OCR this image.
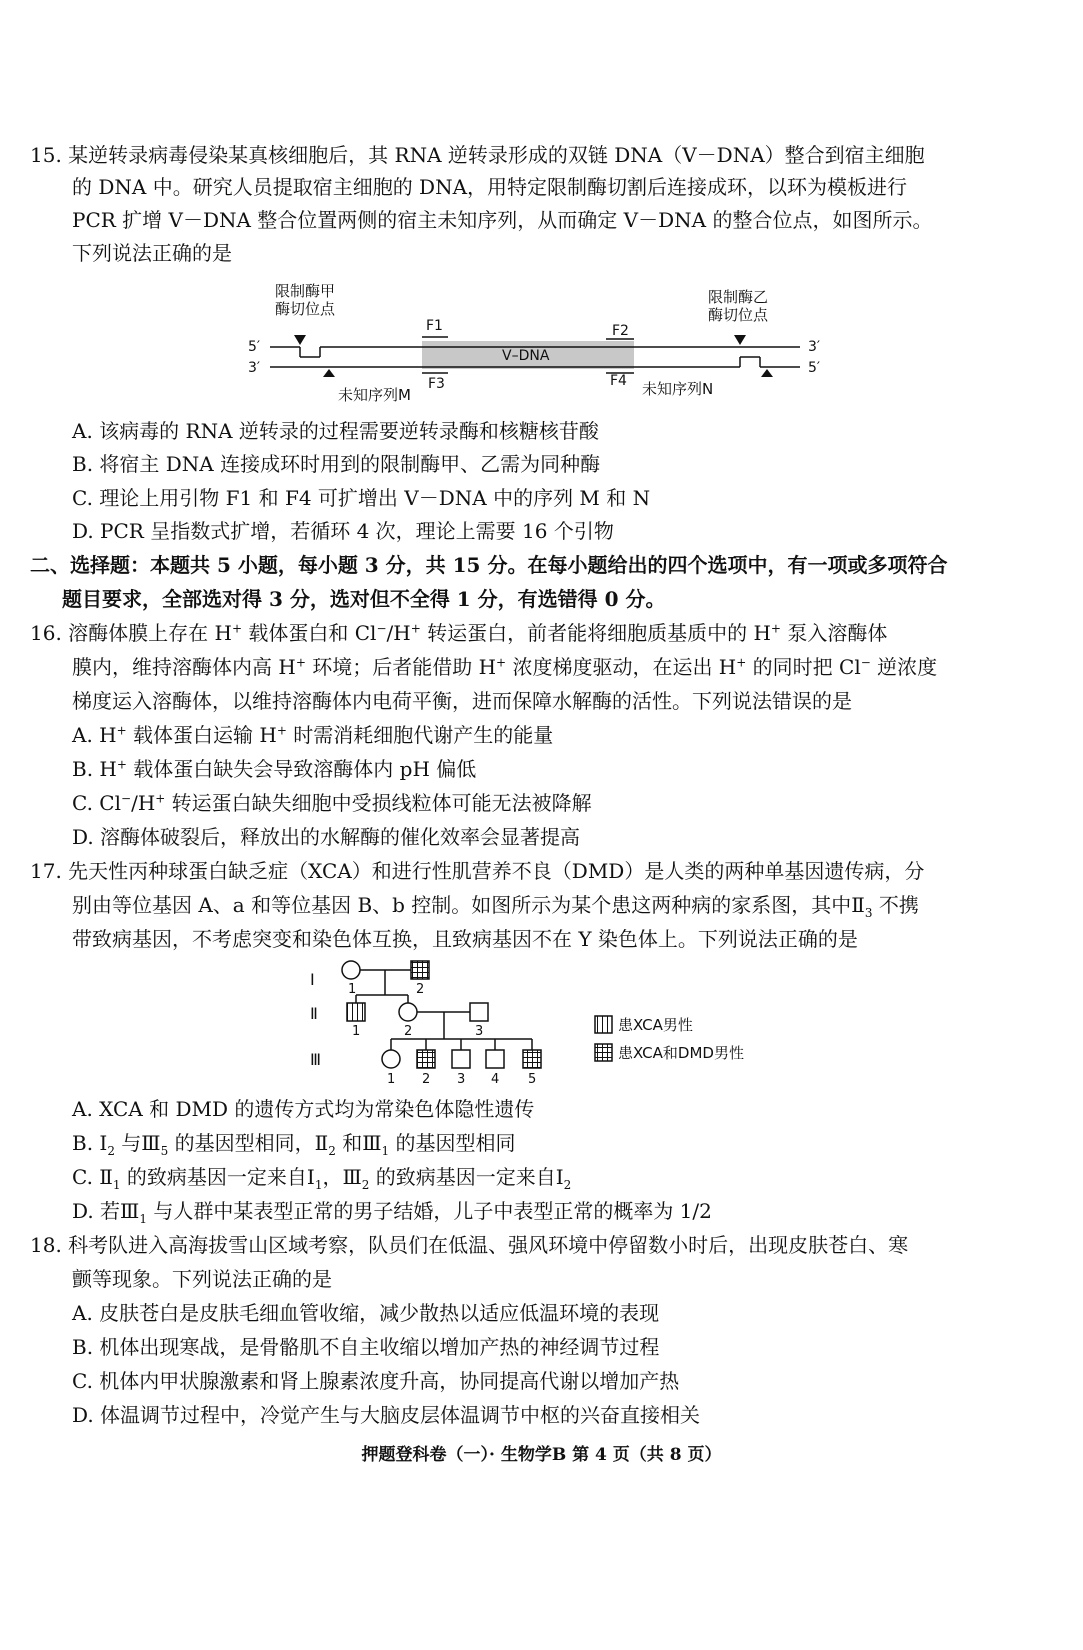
15. 某逆转录病毒侵染某真核细胞后，其 RNA 逆转录形成的双链 DNA（V－DNA）整合到宿主细胞
的 DNA 中。研究人员提取宿主细胞的 DNA，用特定限制酶切割后连接成环，以环为模板进行
PCR 扩增 V－DNA 整合位置两侧的宿主未知序列，从而确定 V－DNA 的整合位点，如图所示。
下列说法正确的是
限制酶甲
酶切位点
限制酶乙
酶切位点
5′
3′
3′
5′
V–DNA
F1	F2
F3	F4
未知序列M	未知序列N
A. 该病毒的 RNA 逆转录的过程需要逆转录酶和核糖核苷酸
B. 将宿主 DNA 连接成环时用到的限制酶甲、乙需为同种酶
C. 理论上用引物 F1 和 F4 可扩增出 V－DNA 中的序列 M 和 N
D. PCR 呈指数式扩增，若循环 4 次，理论上需要 16 个引物
二、选择题：本题共 5 小题，每小题 3 分，共 15 分。在每小题给出的四个选项中，有一项或多项符合
题目要求，全部选对得 3 分，选对但不全得 1 分，有选错得 0 分。
16. 溶酶体膜上存在 H+ 载体蛋白和 Cl−/H+ 转运蛋白，前者能将细胞质基质中的 H+ 泵入溶酶体
膜内，维持溶酶体内高 H+ 环境；后者能借助 H+ 浓度梯度驱动，在运出 H+ 的同时把 Cl− 逆浓度
梯度运入溶酶体，以维持溶酶体内电荷平衡，进而保障水解酶的活性。下列说法错误的是
A. H+ 载体蛋白运输 H+ 时需消耗细胞代谢产生的能量
B. H+ 载体蛋白缺失会导致溶酶体内 pH 偏低
C. Cl−/H+ 转运蛋白缺失细胞中受损线粒体可能无法被降解
D. 溶酶体破裂后，释放出的水解酶的催化效率会显著提高
17. 先天性丙种球蛋白缺乏症（XCA）和进行性肌营养不良（DMD）是人类的两种单基因遗传病，分
别由等位基因 A、a 和等位基因 B、b 控制。如图所示为某个患这两种病的家系图，其中$Ⅱ_3$ 不携
带致病基因，不考虑突变和染色体互换，且致病基因不在 Y 染色体上。下列说法正确的是
Ⅰ
Ⅱ
Ⅲ
1	2
1	2	3
1 2 3 4 5
患XCA男性
患XCA和DMD男性
A. XCA 和 DMD 的遗传方式均为常染色体隐性遗传
B. $Ⅰ_2$ 与$Ⅲ_5$ 的基因型相同，$Ⅱ_2$ 和$Ⅲ_1$ 的基因型相同
C. $Ⅱ_1$ 的致病基因一定来自$Ⅰ_1$，$Ⅲ_2$ 的致病基因一定来自$Ⅰ_2$
D. 若$Ⅲ_1$ 与人群中某表型正常的男子结婚，儿子中表型正常的概率为 1/2
18. 科考队进入高海拔雪山区域考察，队员们在低温、强风环境中停留数小时后，出现皮肤苍白、寒
颤等现象。下列说法正确的是
A. 皮肤苍白是皮肤毛细血管收缩，减少散热以适应低温环境的表现
B. 机体出现寒战，是骨骼肌不自主收缩以增加产热的神经调节过程
C. 机体内甲状腺激素和肾上腺素浓度升高，协同提高代谢以增加产热
D. 体温调节过程中，冷觉产生与大脑皮层体温调节中枢的兴奋直接相关
押题登科卷（一）· 生物学B 第 4 页（共 8 页）
